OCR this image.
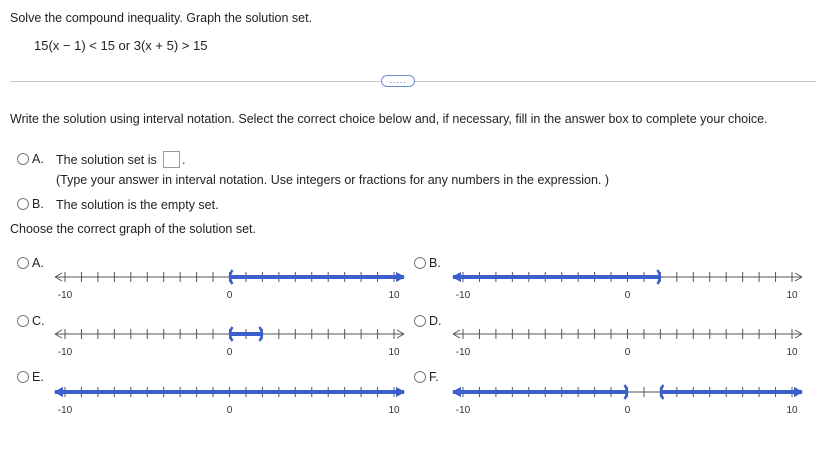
Solve the compound inequality. Graph the solution set.
15(x − 1) < 15 or 3(x + 5) > 15
.....
Write the solution using interval notation. Select the correct choice below and, if necessary, fill in the answer box to complete your choice.
A. The solution set is .
(Type your answer in interval notation. Use integers or fractions for any numbers in the expression. )
B. The solution is the empty set.
Choose the correct graph of the solution set.
A.
-10	0	10
B.
-10	0	10
C.
-10	0	10
D.
-10	0	10
E.
-10	0	10
F.
-10	0	10
